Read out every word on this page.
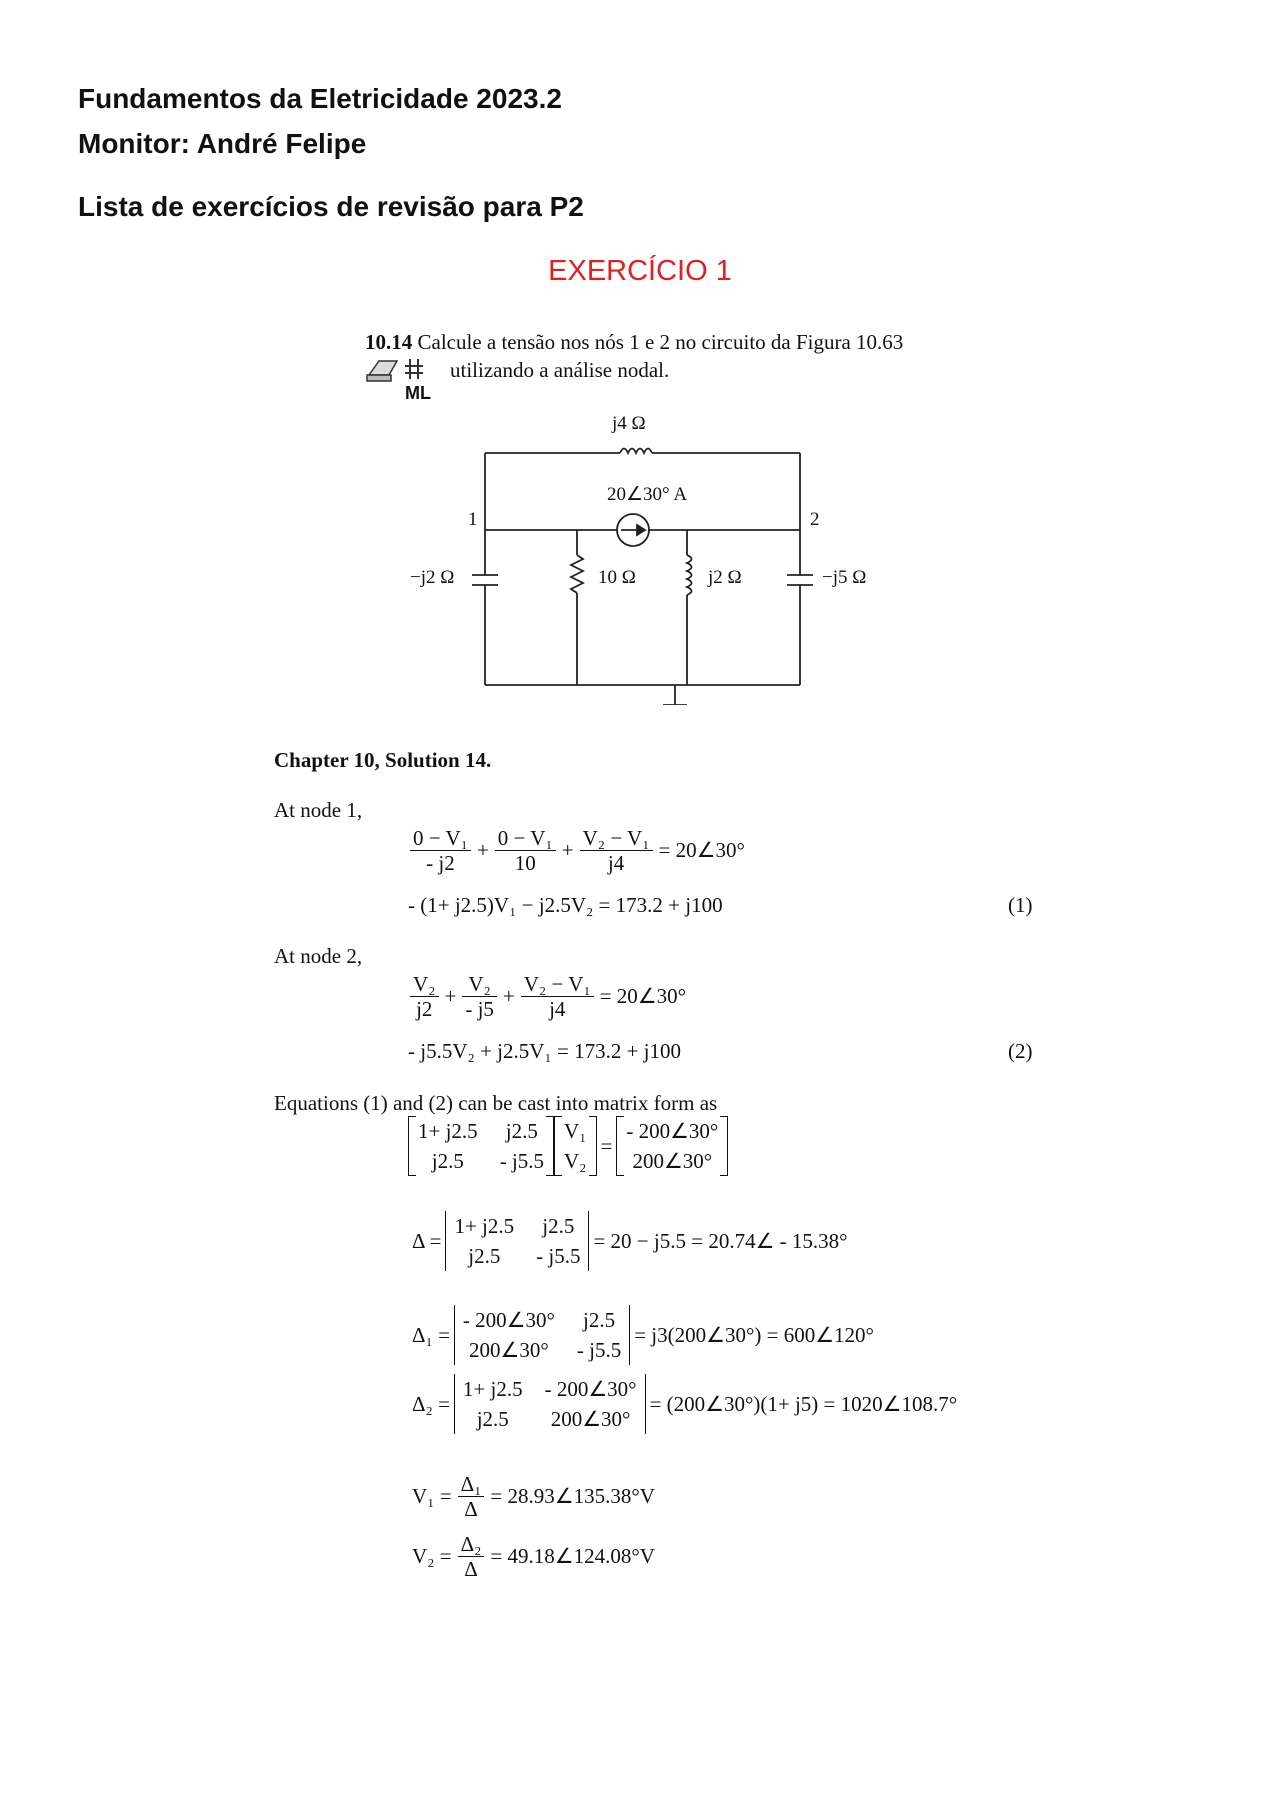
Fundamentos da Eletricidade 2023.2
Monitor: André Felipe
Lista de exercícios de revisão para P2
EXERCÍCIO 1
10.14 Calcule a tensão nos nós 1 e 2 no circuito da Figura 10.63
ML
utilizando a análise nodal.
j4 Ω
20∠30° A
1	2
−j2 Ω	10 Ω	j2 Ω	−j5 Ω
Chapter 10, Solution 14.
At node 1,
$\frac{\text{0 − V₁}}{- j2} + \frac{\text{0 − V₁}}{10} + \frac{\text{V₂ − V₁}}{j4}$ = 20∠30°
- (1+ j2.5)V₁ − j2.5V₂ = 173.2 + j100	(1)
At node 2,
$\frac{\text{V₂}}{j2} + \frac{\text{V₂}}{- j5} + \frac{\text{V₂ − V₁}}{j4}$ = 20∠30°
- j5.5V₂ + j2.5V₁ = 173.2 + j100	(2)
Equations (1) and (2) can be cast into matrix form as
1+ j2.5 j2.5
j2.5	- j5.5
V₁
V₂
=
- 200∠30°
200∠30°
Δ =
1+ j2.5 j2.5
j2.5	- j5.5
= 20 − j5.5 = 20.74∠ - 15.38°
Δ₁ =
- 200∠30° j2.5
200∠30° - j5.5
= j3(200∠30°) = 600∠120°
Δ₂ =
1+ j2.5 - 200∠30°
j2.5	200∠30°
= (200∠30°)(1+ j5) = 1020∠108.7°
$V_1 = \frac{\text{Δ₁}}{\Delta}$ = 28.93∠135.38°V
$V_2 = \frac{\text{Δ₂}}{\Delta}$ = 49.18∠124.08°V
